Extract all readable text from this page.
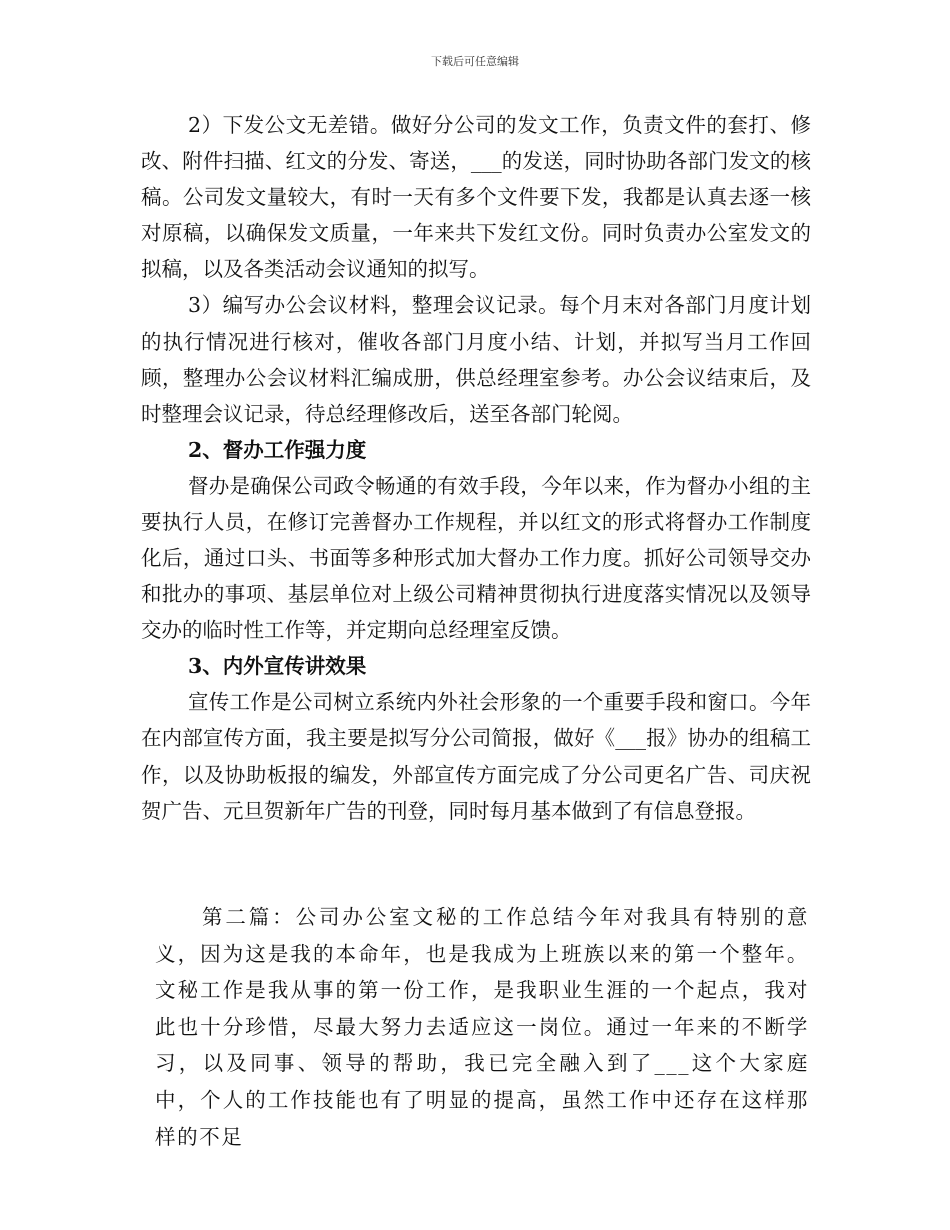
下载后可任意编辑

2）下发公文无差错。做好分公司的发文工作，负责文件的套打、修改、附件扫描、红文的分发、寄送，___的发送，同时协助各部门发文的核稿。公司发文量较大，有时一天有多个文件要下发，我都是认真去逐一核对原稿，以确保发文质量，一年来共下发红文份。同时负责办公室发文的拟稿，以及各类活动会议通知的拟写。

3）编写办公会议材料，整理会议记录。每个月末对各部门月度计划的执行情况进行核对，催收各部门月度小结、计划，并拟写当月工作回顾，整理办公会议材料汇编成册，供总经理室参考。办公会议结束后，及时整理会议记录，待总经理修改后，送至各部门轮阅。

2、督办工作强力度

督办是确保公司政令畅通的有效手段，今年以来，作为督办小组的主要执行人员，在修订完善督办工作规程，并以红文的形式将督办工作制度化后，通过口头、书面等多种形式加大督办工作力度。抓好公司领导交办和批办的事项、基层单位对上级公司精神贯彻执行进度落实情况以及领导交办的临时性工作等，并定期向总经理室反馈。

3、内外宣传讲效果

宣传工作是公司树立系统内外社会形象的一个重要手段和窗口。今年在内部宣传方面，我主要是拟写分公司简报，做好《___报》协办的组稿工作，以及协助板报的编发，外部宣传方面完成了分公司更名广告、司庆祝贺广告、元旦贺新年广告的刊登，同时每月基本做到了有信息登报。

第二篇：公司办公室文秘的工作总结今年对我具有特别的意义，因为这是我的本命年，也是我成为上班族以来的第一个整年。文秘工作是我从事的第一份工作，是我职业生涯的一个起点，我对此也十分珍惜，尽最大努力去适应这一岗位。通过一年来的不断学习，以及同事、领导的帮助，我已完全融入到了___这个大家庭中，个人的工作技能也有了明显的提高，虽然工作中还存在这样那样的不足
